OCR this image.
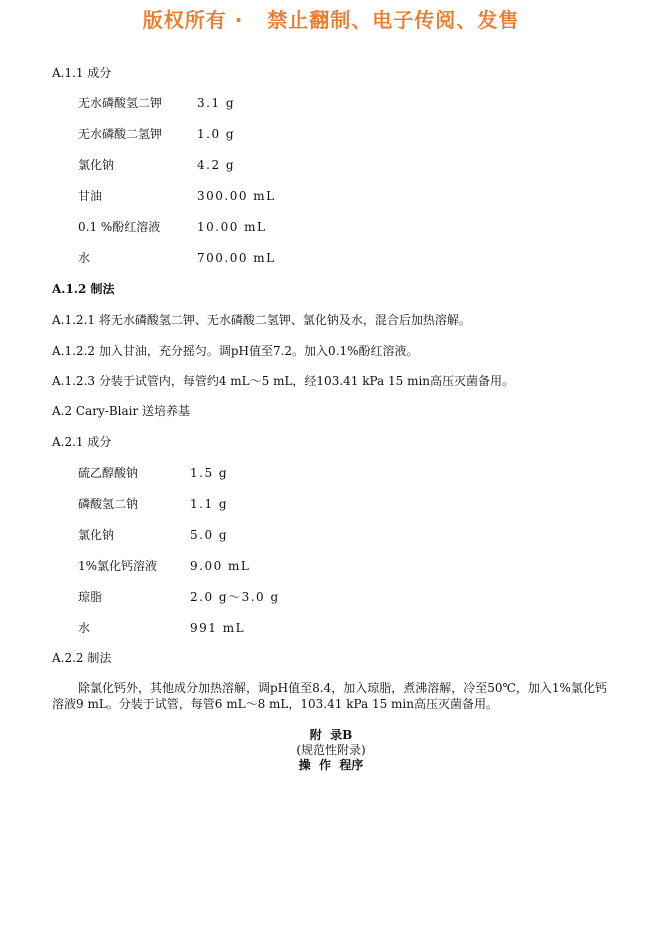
版权所有 ·   禁止翻制、电子传阅、发售
A.1.1 成分
无水磷酸氢二钾	3.1 g
无水磷酸二氢钾	1.0 g
氯化钠	4.2 g
甘油	300.00 mL
0.1 %酚红溶液	10.00 mL
水	700.00 mL
A.1.2 制法
A.1.2.1 将无水磷酸氢二钾、无水磷酸二氢钾、氯化钠及水，混合后加热溶解。
A.1.2.2 加入甘油，充分摇匀。调pH值至7.2。加入0.1%酚红溶液。
A.1.2.3 分装于试管内，每管约4 mL～5 mL，经103.41 kPa 15 min高压灭菌备用。
A.2 Cary-Blair 送培养基
A.2.1 成分
硫乙醇酸钠	1.5 g
磷酸氢二钠	1.1 g
氯化钠	5.0 g
1%氯化钙溶液	9.00 mL
琼脂	2.0 g～3.0 g
水	991 mL
A.2.2 制法
除氯化钙外，其他成分加热溶解，调pH值至8.4，加入琼脂，煮沸溶解，冷至50℃，加入1%氯化钙溶液9 mL。分装于试管，每管6 mL～8 mL，103.41 kPa 15 min高压灭菌备用。
附  录B
(规范性附录)
操  作  程序
